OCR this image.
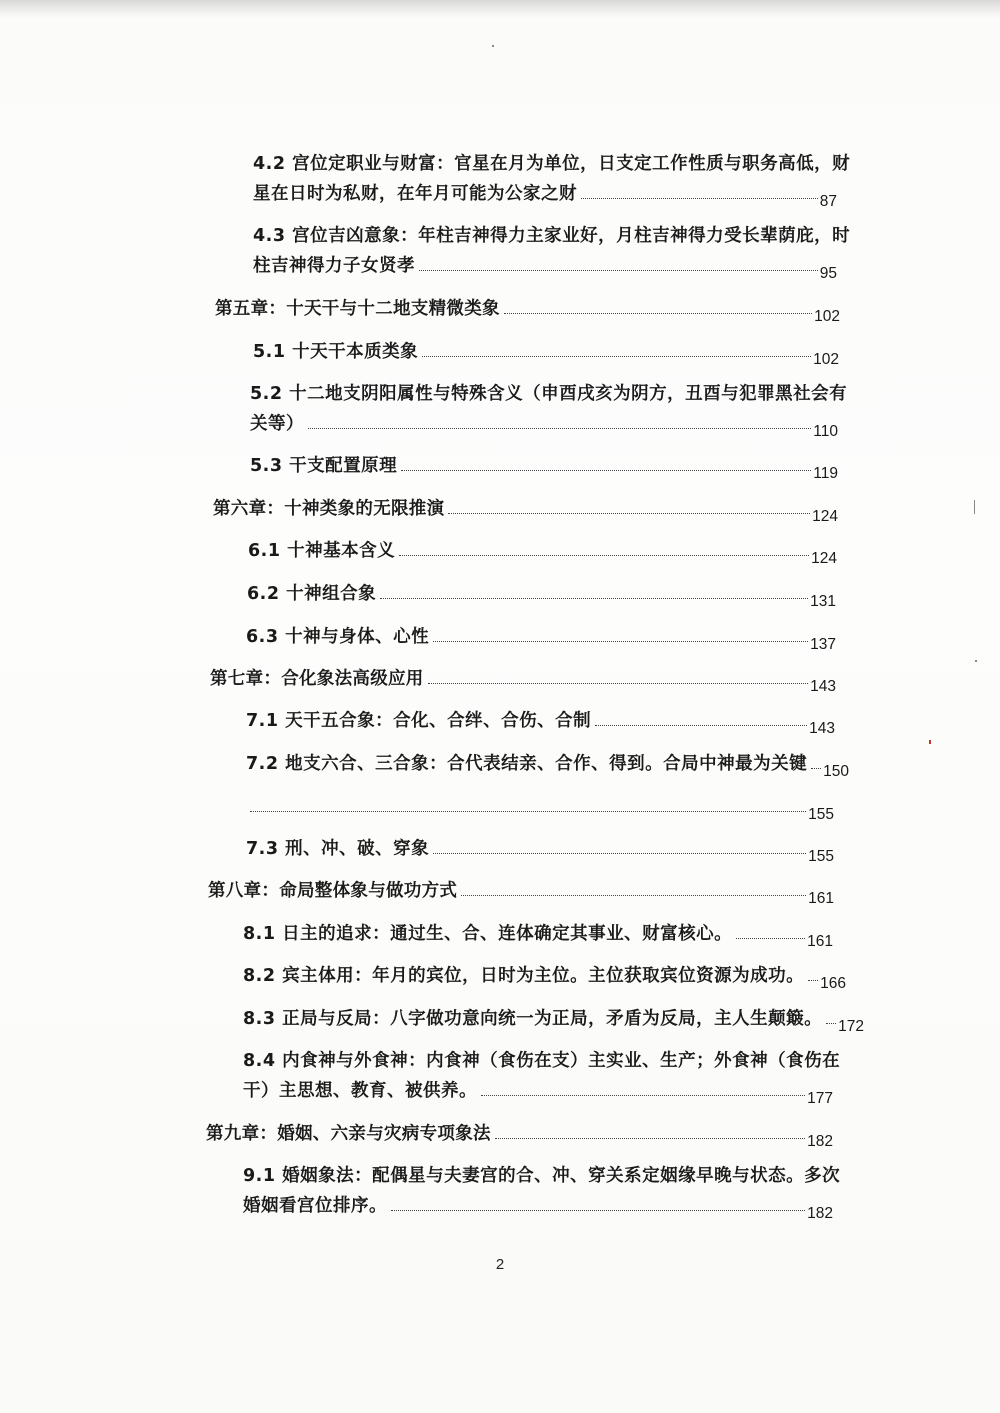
4.2 宫位定职业与财富：官星在月为单位，日支定工作性质与职务高低，财
星在日时为私财，在年月可能为公家之财	87
4.3 宫位吉凶意象：年柱吉神得力主家业好，月柱吉神得力受长辈荫庇，时
柱吉神得力子女贤孝	95
第五章：十天干与十二地支精微类象	102
5.1 十天干本质类象	102
5.2 十二地支阴阳属性与特殊含义（申酉戌亥为阴方，丑酉与犯罪黑社会有
关等）	110
5.3 干支配置原理	119
第六章：十神类象的无限推演	124
6.1 十神基本含义	124
6.2 十神组合象	131
6.3 十神与身体、心性	137
第七章：合化象法高级应用	143
7.1 天干五合象：合化、合绊、合伤、合制	143
7.2 地支六合、三合象：合代表结亲、合作、得到。合局中神最为关键 150
155
7.3 刑、冲、破、穿象	155
第八章：命局整体象与做功方式	161
8.1 日主的追求：通过生、合、连体确定其事业、财富核心。	161
8.2 宾主体用：年月的宾位，日时为主位。主位获取宾位资源为成功。 166
8.3 正局与反局：八字做功意向统一为正局，矛盾为反局，主人生颠簸。 172
8.4 内食神与外食神：内食神（食伤在支）主实业、生产；外食神（食伤在
干）主思想、教育、被供养。	177
第九章：婚姻、六亲与灾病专项象法	182
9.1 婚姻象法：配偶星与夫妻宫的合、冲、穿关系定姻缘早晚与状态。多次
婚姻看宫位排序。	182
2
